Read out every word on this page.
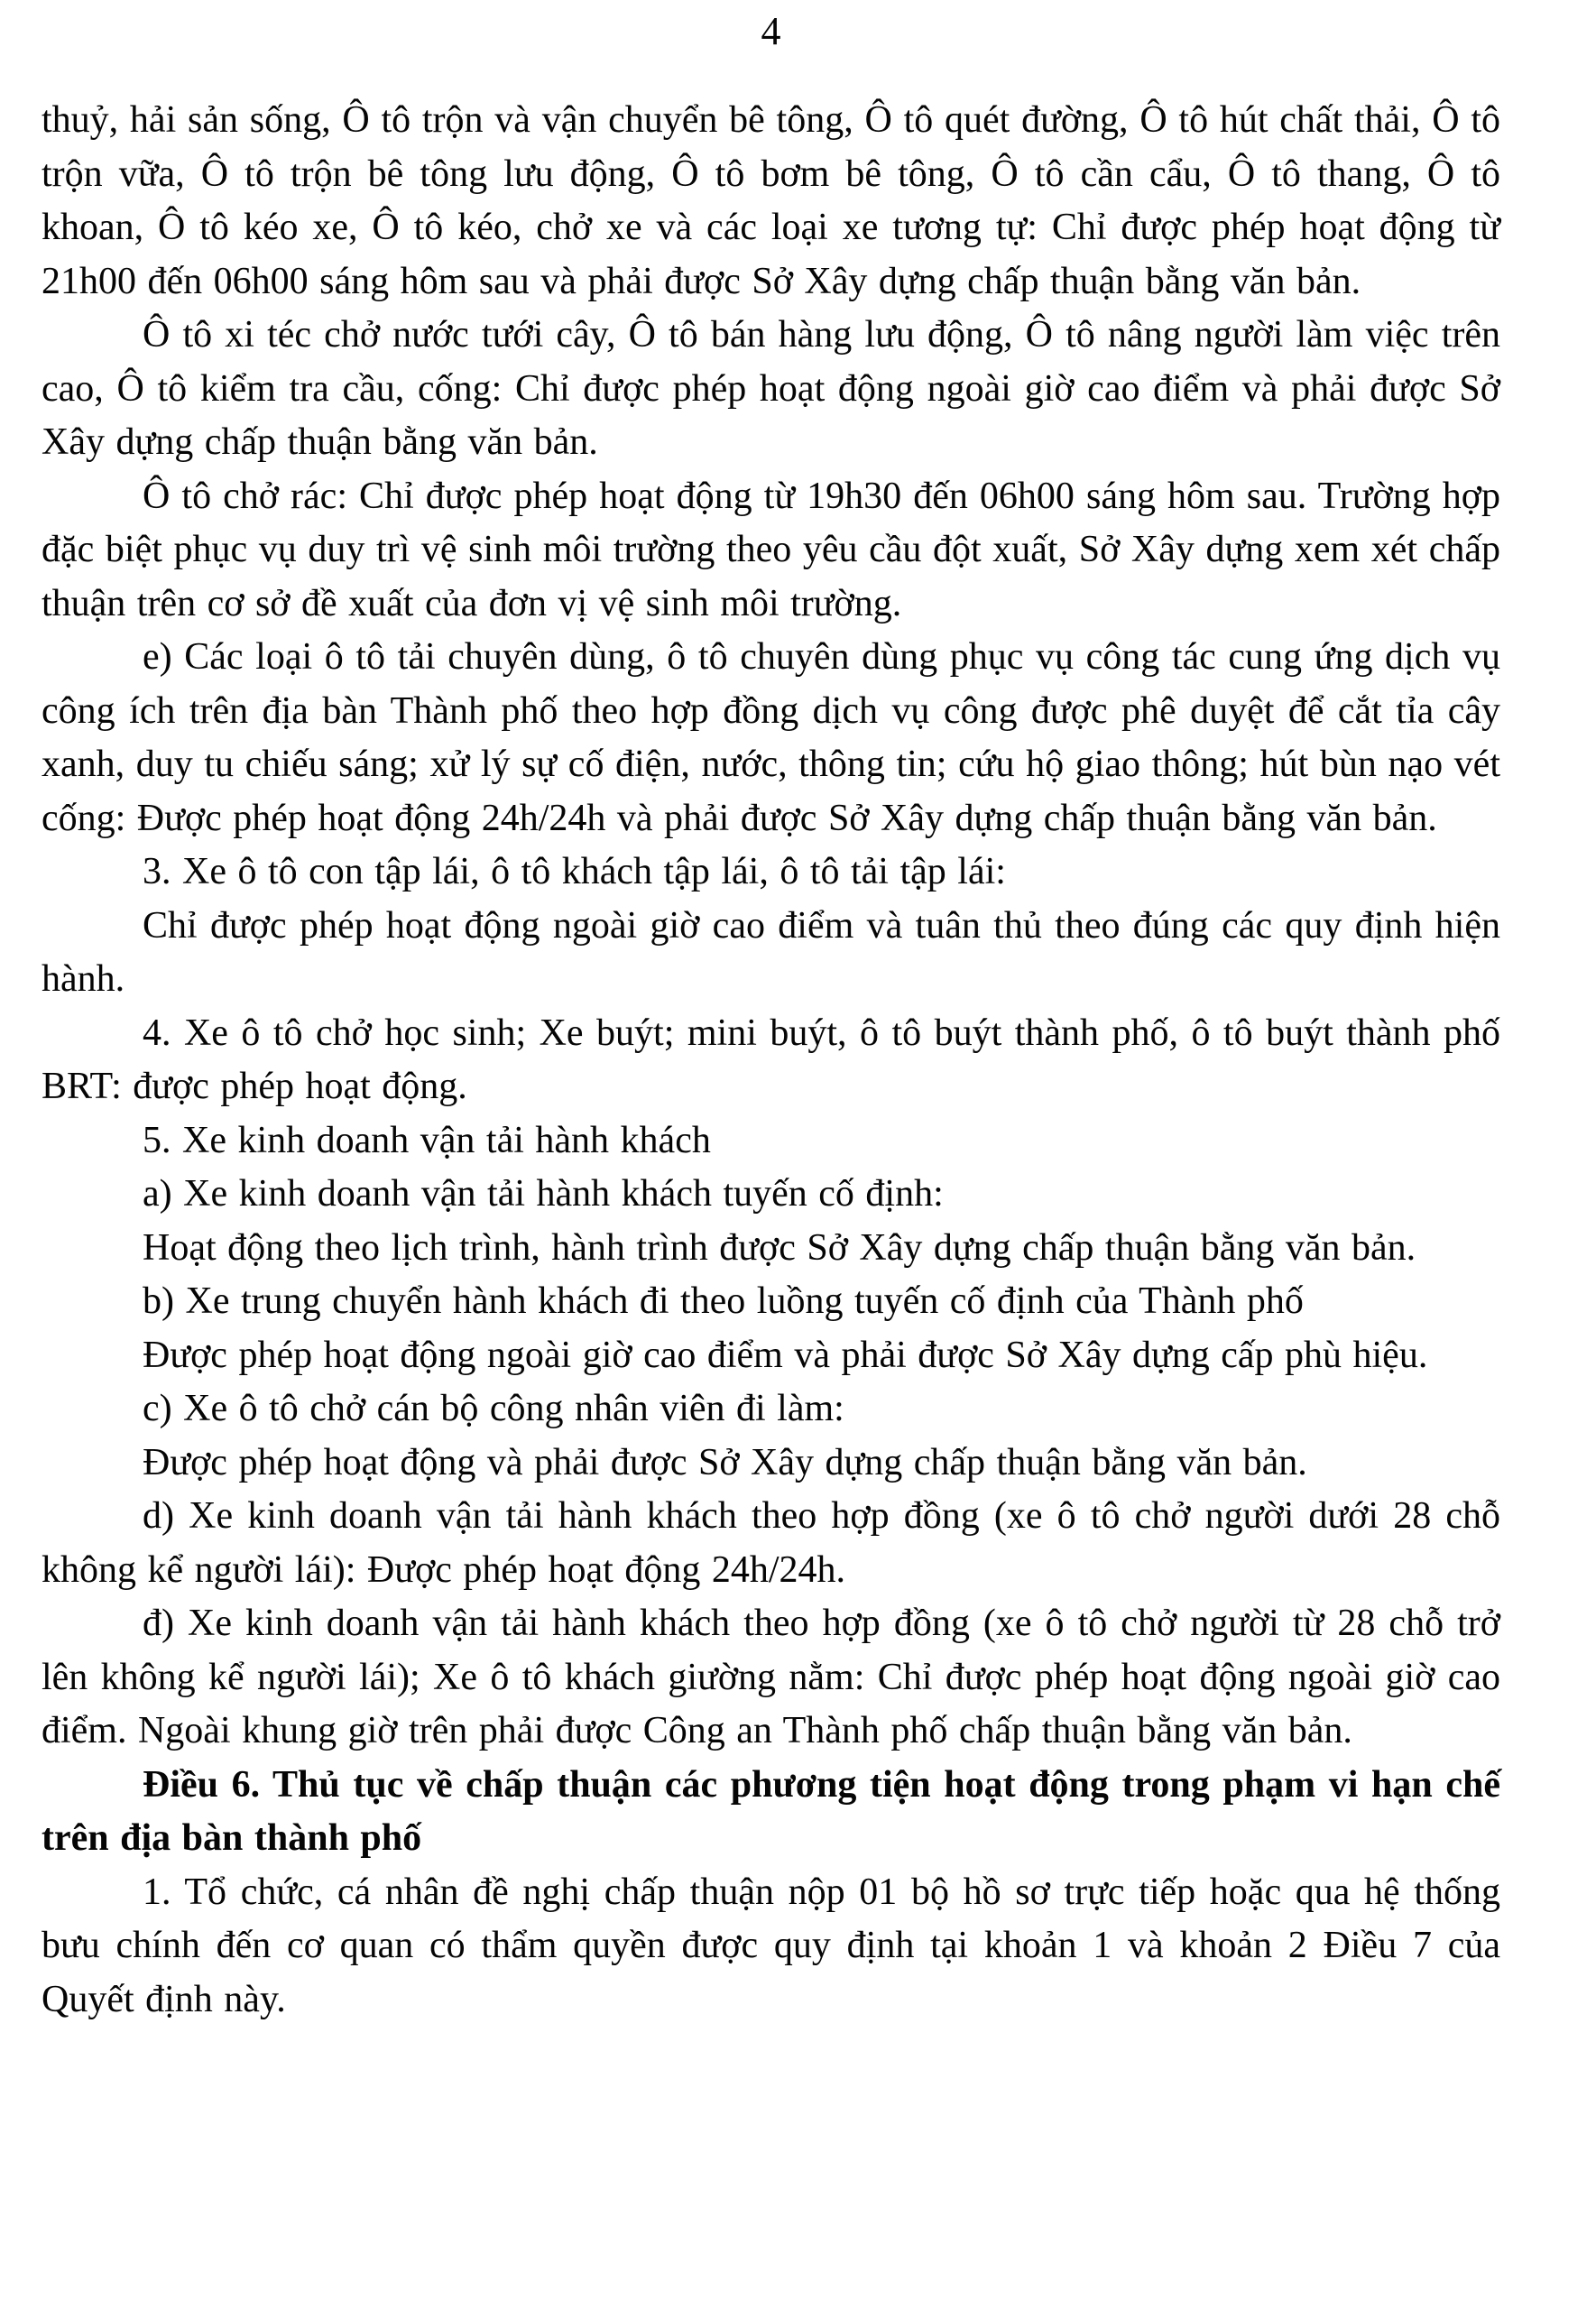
4

thuỷ, hải sản sống, Ô tô trộn và vận chuyển bê tông, Ô tô quét đường, Ô tô hút chất thải, Ô tô trộn vữa, Ô tô trộn bê tông lưu động, Ô tô bơm bê tông, Ô tô cần cẩu, Ô tô thang, Ô tô khoan, Ô tô kéo xe, Ô tô kéo, chở xe và các loại xe tương tự: Chỉ được phép hoạt động từ 21h00 đến 06h00 sáng hôm sau và phải được Sở Xây dựng chấp thuận bằng văn bản.

Ô tô xi téc chở nước tưới cây, Ô tô bán hàng lưu động, Ô tô nâng người làm việc trên cao, Ô tô kiểm tra cầu, cống: Chỉ được phép hoạt động ngoài giờ cao điểm và phải được Sở Xây dựng chấp thuận bằng văn bản.

Ô tô chở rác: Chỉ được phép hoạt động từ 19h30 đến 06h00 sáng hôm sau. Trường hợp đặc biệt phục vụ duy trì vệ sinh môi trường theo yêu cầu đột xuất, Sở Xây dựng xem xét chấp thuận trên cơ sở đề xuất của đơn vị vệ sinh môi trường.

e) Các loại ô tô tải chuyên dùng, ô tô chuyên dùng phục vụ công tác cung ứng dịch vụ công ích trên địa bàn Thành phố theo hợp đồng dịch vụ công được phê duyệt để cắt tỉa cây xanh, duy tu chiếu sáng; xử lý sự cố điện, nước, thông tin; cứu hộ giao thông; hút bùn nạo vét cống: Được phép hoạt động 24h/24h và phải được Sở Xây dựng chấp thuận bằng văn bản.

3. Xe ô tô con tập lái, ô tô khách tập lái, ô tô tải tập lái:

Chỉ được phép hoạt động ngoài giờ cao điểm và tuân thủ theo đúng các quy định hiện hành.

4. Xe ô tô chở học sinh; Xe buýt; mini buýt, ô tô buýt thành phố, ô tô buýt thành phố BRT: được phép hoạt động.

5. Xe kinh doanh vận tải hành khách

a) Xe kinh doanh vận tải hành khách tuyến cố định:

Hoạt động theo lịch trình, hành trình được Sở Xây dựng chấp thuận bằng văn bản.

b) Xe trung chuyển hành khách đi theo luồng tuyến cố định của Thành phố

Được phép hoạt động ngoài giờ cao điểm và phải được Sở Xây dựng cấp phù hiệu.

c) Xe ô tô chở cán bộ công nhân viên đi làm:

Được phép hoạt động và phải được Sở Xây dựng chấp thuận bằng văn bản.

d) Xe kinh doanh vận tải hành khách theo hợp đồng (xe ô tô chở người dưới 28 chỗ không kể người lái): Được phép hoạt động 24h/24h.

đ) Xe kinh doanh vận tải hành khách theo hợp đồng (xe ô tô chở người từ 28 chỗ trở lên không kể người lái); Xe ô tô khách giường nằm: Chỉ được phép hoạt động ngoài giờ cao điểm. Ngoài khung giờ trên phải được Công an Thành phố chấp thuận bằng văn bản.

Điều 6. Thủ tục về chấp thuận các phương tiện hoạt động trong phạm vi hạn chế trên địa bàn thành phố

1. Tổ chức, cá nhân đề nghị chấp thuận nộp 01 bộ hồ sơ trực tiếp hoặc qua hệ thống bưu chính đến cơ quan có thẩm quyền được quy định tại khoản 1 và khoản 2 Điều 7 của Quyết định này.
